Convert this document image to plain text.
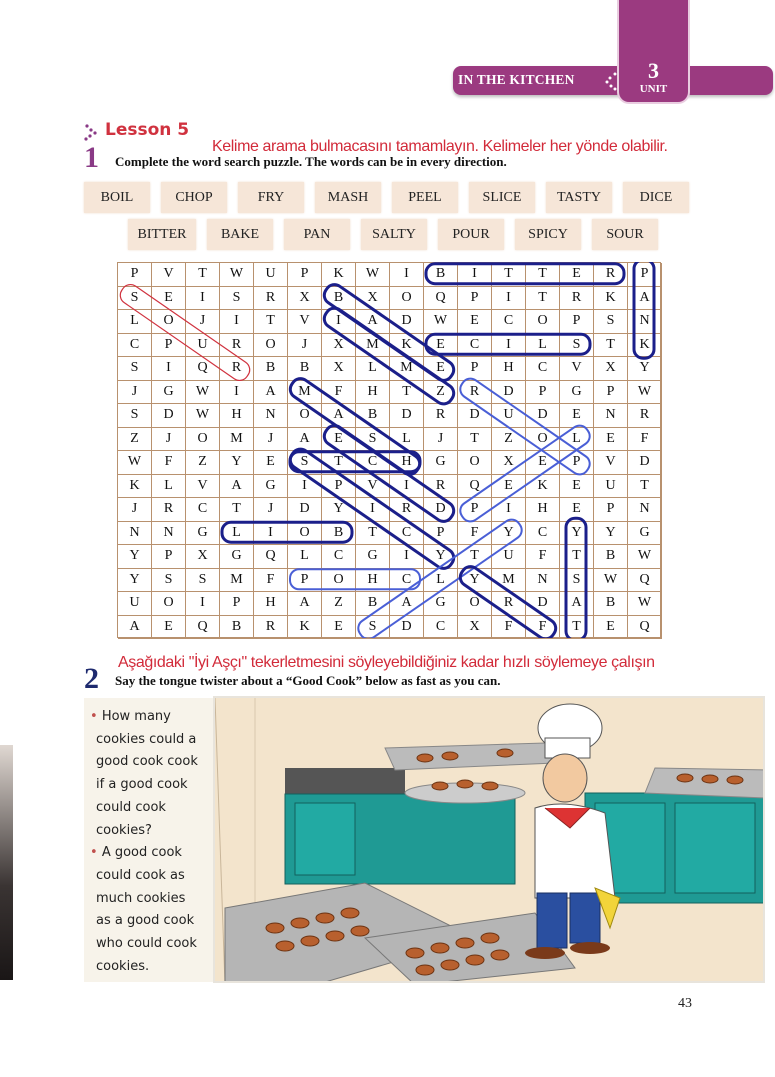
IN THE KITCHEN	3
UNIT
Lesson 5
Kelime arama bulmacasını tamamlayın. Kelimeler her yönde olabilir.
1 Complete the word search puzzle. The words can be in every direction.
BOIL	CHOP	FRY	MASH	PEEL	SLICE	TASTY	DICE
BITTER	BAKE	PAN	SALTY	POUR	SPICY	SOUR
P	V	T	W	U	P	K	W	I	B	I	T	T	E	R	P
S	E	I	S	R	X	B	X	O	Q	P	I	T	R	K	A
L	O	J	I	T	V	I	A	D	W	E	C	O	P	S	N
C	P	U	R	O	J	X	M	K	E	C	I	L	S	T	K
S	I	Q	R	B	B	X	L	M	E	P	H	C	V	X	Y
J	G	W	I	A	M	F	H	T	Z	R	D	P	G	P	W
S	D	W	H	N	O	A	B	D	R	D	U	D	E	N	R
Z	J	O	M	J	A	E	S	L	J	T	Z	O	L	E	F
W	F	Z	Y	E	S	T	C	H	G	O	X	E	P	V	D
K	L	V	A	G	I	P	V	I	R	Q	E	K	E	U	T
J	R	C	T	J	D	Y	I	R	D	P	I	H	E	P	N
N	N	G	L	I	O	B	T	C	P	F	Y	C	Y	Y	G
Y	P	X	G	Q	L	C	G	I	Y	T	U	F	T	B	W
Y	S	S	M	F	P	O	H	C	L	Y	M	N	S	W	Q
U	O	I	P	H	A	Z	B	A	G	O	R	D	A	B	W
A	E	Q	B	R	K	E	S	D	C	X	F	F	T	E	Q
Aşağıdaki "İyi Aşçı" tekerletmesini söyleyebildiğiniz kadar hızlı söylemeye çalışın
2 Say the tongue twister about a “Good Cook” below as fast as you can.
• How many
cookies could a
good cook cook
if a good cook
could cook
cookies?
• A good cook
could cook as
much cookies
as a good cook
who could cook
cookies.
43
